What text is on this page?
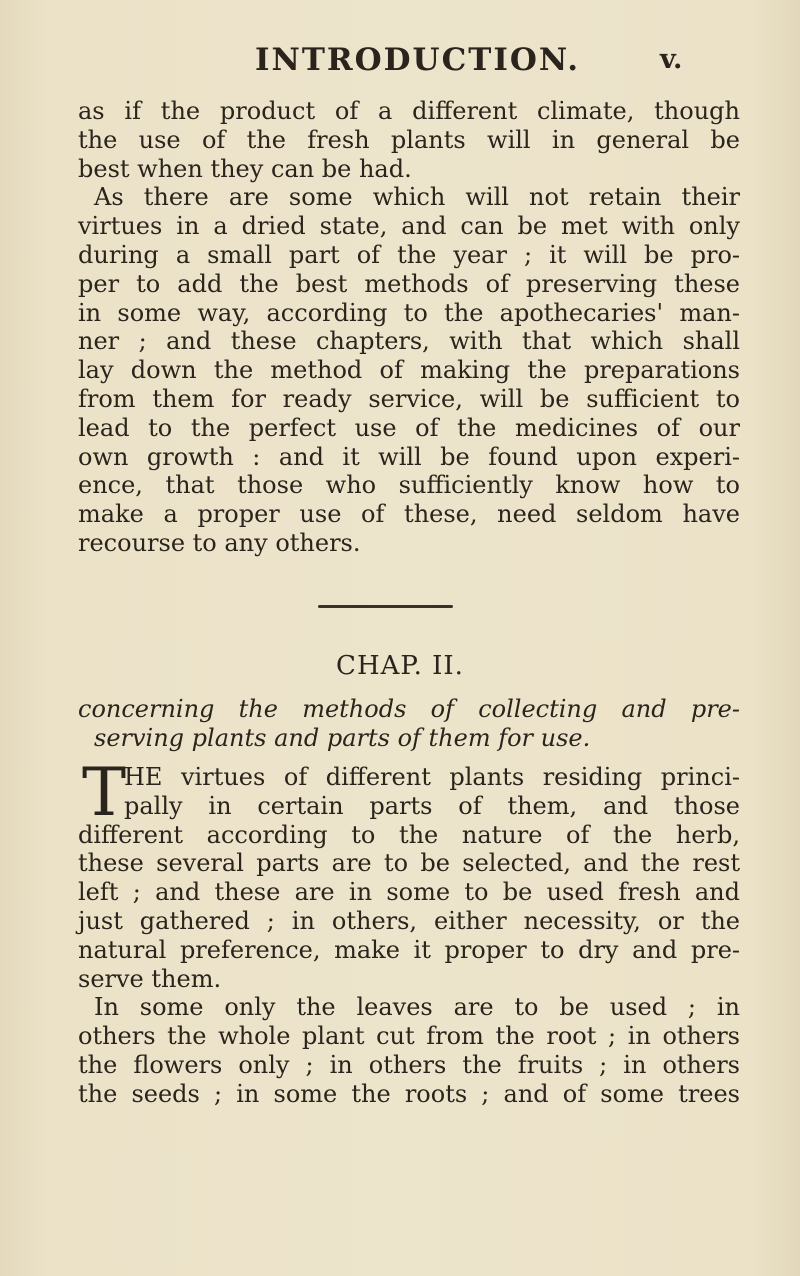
INTRODUCTION.	v.
as if the product of a different climate, though
the use of the fresh plants will in general be
best when they can be had.
As there are some which will not retain their
virtues in a dried state, and can be met with only
during a small part of the year ; it will be pro-
per to add the best methods of preserving these
in some way, according to the apothecaries' man-
ner ; and these chapters, with that which shall
lay down the method of making the preparations
from them for ready service, will be sufficient to
lead to the perfect use of the medicines of our
own growth : and it will be found upon experi-
ence, that those who sufficiently know how to
make a proper use of these, need seldom have
recourse to any others.
CHAP. II.
concerning the methods of collecting and pre-
serving plants and parts of them for use.
T
HE virtues of different plants residing princi-
pally in certain parts of them, and those
different according to the nature of the herb,
these several parts are to be selected, and the rest
left ; and these are in some to be used fresh and
just gathered ; in others, either necessity, or the
natural preference, make it proper to dry and pre-
serve them.
In some only the leaves are to be used ; in
others the whole plant cut from the root ; in others
the flowers only ; in others the fruits ; in others
the seeds ; in some the roots ; and of some trees
